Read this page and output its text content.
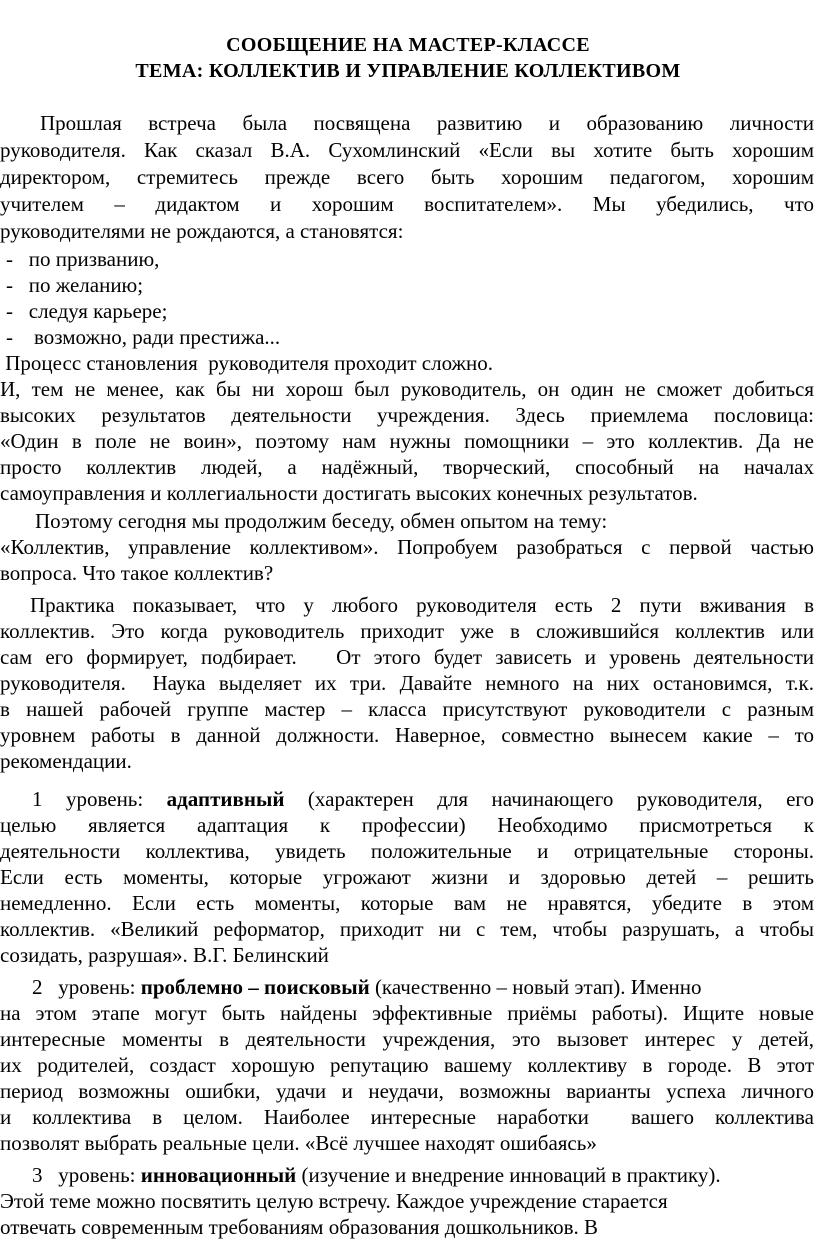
СООБЩЕНИЕ НА МАСТЕР-КЛАССЕ
ТЕМА: КОЛЛЕКТИВ И УПРАВЛЕНИЕ КОЛЛЕКТИВОМ
Прошлая встреча была посвящена развитию и образованию личности
руководителя. Как сказал В.А. Сухомлинский «Если вы хотите быть хорошим
директором, стремитесь прежде всего быть хорошим педагогом, хорошим
учителем – дидактом и хорошим воспитателем». Мы убедились, что
руководителями не рождаются, а становятся:
-   по призванию,
-   по желанию;
-   следуя карьере;
-    возможно, ради престижа...
Процесс становления  руководителя проходит сложно.
И, тем не менее, как бы ни хорош был руководитель, он один не сможет добиться
высоких результатов деятельности учреждения. Здесь приемлема пословица:
«Один в поле не воин», поэтому нам нужны помощники – это коллектив. Да не
просто коллектив людей, а надёжный, творческий, способный на началах
самоуправления и коллегиальности достигать высоких конечных результатов.
Поэтому сегодня мы продолжим беседу, обмен опытом на тему:
«Коллектив, управление коллективом». Попробуем разобраться с первой частью
вопроса. Что такое коллектив?
Практика показывает, что у любого руководителя есть 2 пути вживания в
коллектив. Это когда руководитель приходит уже в сложившийся коллектив или
сам его формирует, подбирает.   От этого будет зависеть и уровень деятельности
руководителя.  Наука выделяет их три. Давайте немного на них остановимся, т.к.
в нашей рабочей группе мастер – класса присутствуют руководители с разным
уровнем работы в данной должности. Наверное, совместно вынесем какие – то
рекомендации.
1 уровень: адаптивный (характерен для начинающего руководителя, его
целью является адаптация к профессии) Необходимо присмотреться к
деятельности коллектива, увидеть положительные и отрицательные стороны.
Если есть моменты, которые угрожают жизни и здоровью детей – решить
немедленно. Если есть моменты, которые вам не нравятся, убедите в этом
коллектив. «Великий реформатор, приходит ни с тем, чтобы разрушать, а чтобы
созидать, разрушая». В.Г. Белинский
2   уровень: проблемно – поисковый (качественно – новый этап). Именно
на этом этапе могут быть найдены эффективные приёмы работы). Ищите новые
интересные моменты в деятельности учреждения, это вызовет интерес у детей,
их родителей, создаст хорошую репутацию вашему коллективу в городе. В этот
период возможны ошибки, удачи и неудачи, возможны варианты успеха личного
и коллектива в целом. Наиболее интересные наработки  вашего коллектива
позволят выбрать реальные цели. «Всё лучшее находят ошибаясь»
3   уровень: инновационный (изучение и внедрение инноваций в практику).
Этой теме можно посвятить целую встречу. Каждое учреждение старается
отвечать современным требованиям образования дошкольников. В
